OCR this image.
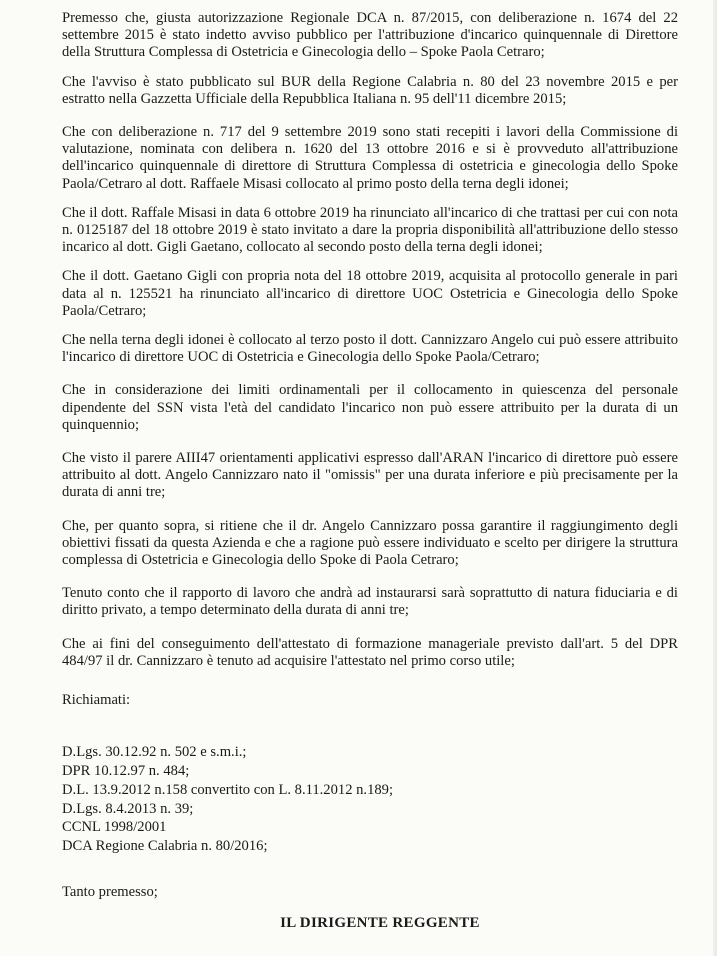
Premesso che, giusta autorizzazione Regionale DCA n. 87/2015, con deliberazione n. 1674 del 22 settembre 2015 è stato indetto avviso pubblico per l'attribuzione d'incarico quinquennale di Direttore della Struttura Complessa di Ostetricia e Ginecologia dello – Spoke Paola Cetraro;

Che l'avviso è stato pubblicato sul BUR della Regione Calabria n. 80 del 23 novembre 2015 e per estratto nella Gazzetta Ufficiale della Repubblica Italiana n. 95 dell'11 dicembre 2015;

Che con deliberazione n. 717 del 9 settembre 2019 sono stati recepiti i lavori della Commissione di valutazione, nominata con delibera n. 1620 del 13 ottobre 2016 e si è provveduto all'attribuzione dell'incarico quinquennale di direttore di Struttura Complessa di ostetricia e ginecologia dello Spoke Paola/Cetraro al dott. Raffaele Misasi collocato al primo posto della terna degli idonei;

Che il dott. Raffale Misasi in data 6 ottobre 2019 ha rinunciato all'incarico di che trattasi per cui con nota n. 0125187 del 18 ottobre 2019 è stato invitato a dare la propria disponibilità all'attribuzione dello stesso incarico al dott. Gigli Gaetano, collocato al secondo posto della terna degli idonei;

Che il dott. Gaetano Gigli con propria nota del 18 ottobre 2019, acquisita al protocollo generale in pari data al n. 125521 ha rinunciato all'incarico di direttore UOC Ostetricia e Ginecologia dello Spoke Paola/Cetraro;

Che nella terna degli idonei è collocato al terzo posto il dott. Cannizzaro Angelo cui può essere attribuito l'incarico di direttore UOC di Ostetricia e Ginecologia dello Spoke Paola/Cetraro;

Che in considerazione dei limiti ordinamentali per il collocamento in quiescenza del personale dipendente del SSN vista l'età del candidato l'incarico non può essere attribuito per la durata di un quinquennio;

Che visto il parere AIII47 orientamenti applicativi espresso dall'ARAN l'incarico di direttore può essere attribuito al dott. Angelo Cannizzaro nato il "omissis" per una durata inferiore e più precisamente per la durata di anni tre;

Che, per quanto sopra, si ritiene che il dr. Angelo Cannizzaro possa garantire il raggiungimento degli obiettivi fissati da questa Azienda e che a ragione può essere individuato e scelto per dirigere la struttura complessa di Ostetricia e Ginecologia dello Spoke di Paola Cetraro;

Tenuto conto che il rapporto di lavoro che andrà ad instaurarsi sarà soprattutto di natura fiduciaria e di diritto privato, a tempo determinato della durata di anni tre;

Che ai fini del conseguimento dell'attestato di formazione manageriale previsto dall'art. 5 del DPR 484/97 il dr. Cannizzaro è tenuto ad acquisire l'attestato nel primo corso utile;

Richiamati:

D.Lgs. 30.12.92 n. 502 e s.m.i.;
DPR 10.12.97 n. 484;
D.L. 13.9.2012 n.158 convertito con L. 8.11.2012 n.189;
D.Lgs. 8.4.2013 n. 39;
CCNL 1998/2001
DCA Regione Calabria n. 80/2016;

Tanto premesso;

IL DIRIGENTE REGGENTE
